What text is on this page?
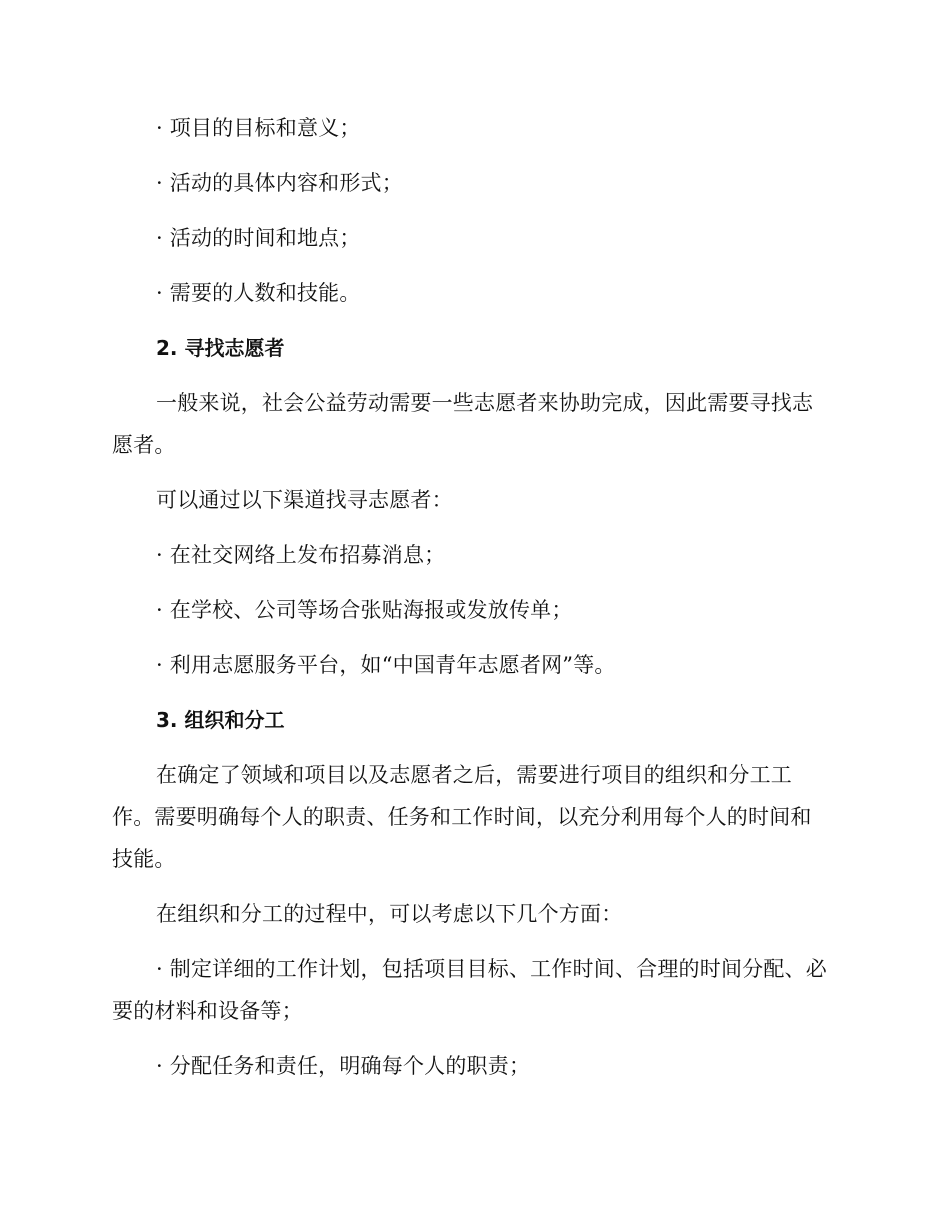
· 项目的目标和意义；

· 活动的具体内容和形式；

· 活动的时间和地点；

· 需要的人数和技能。

2. 寻找志愿者

一般来说，社会公益劳动需要一些志愿者来协助完成，因此需要寻找志愿者。

可以通过以下渠道找寻志愿者：

· 在社交网络上发布招募消息；

· 在学校、公司等场合张贴海报或发放传单；

· 利用志愿服务平台，如“中国青年志愿者网”等。

3. 组织和分工

在确定了领域和项目以及志愿者之后，需要进行项目的组织和分工工作。需要明确每个人的职责、任务和工作时间，以充分利用每个人的时间和技能。

在组织和分工的过程中，可以考虑以下几个方面：

· 制定详细的工作计划，包括项目目标、工作时间、合理的时间分配、必要的材料和设备等；

· 分配任务和责任，明确每个人的职责；
